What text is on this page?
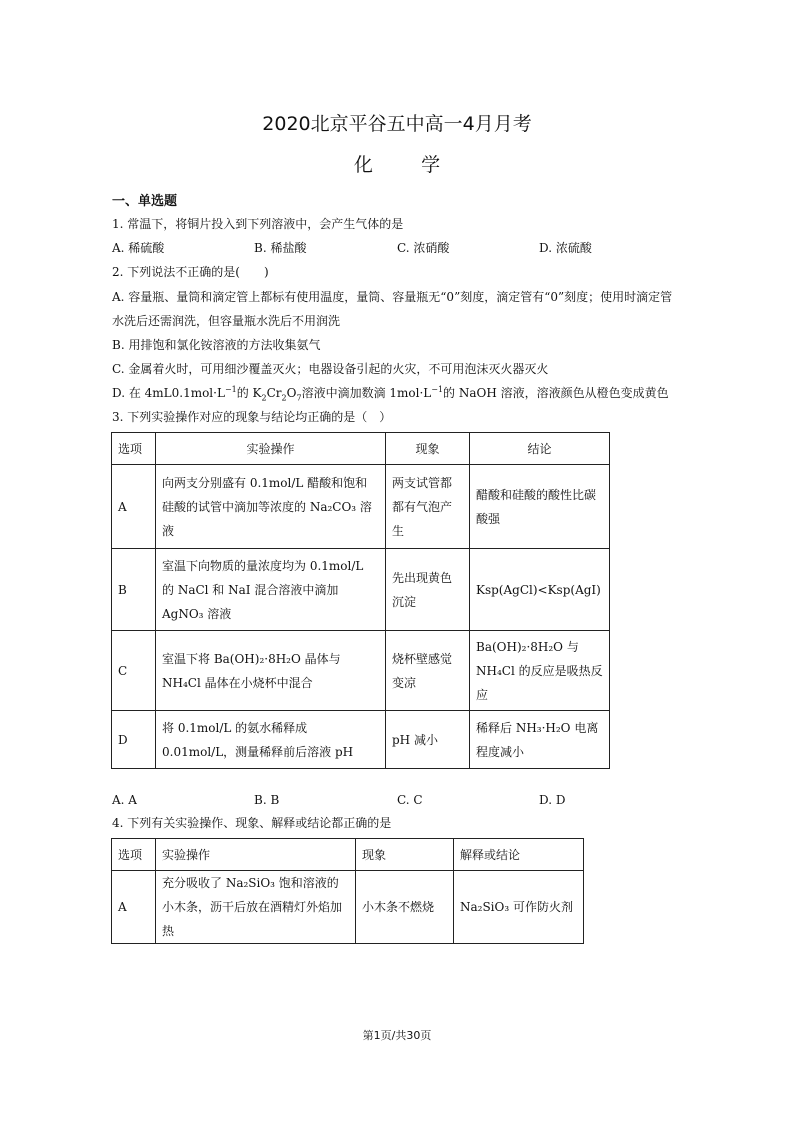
2020北京平谷五中高一4月月考
化        学
一、单选题
1. 常温下，将铜片投入到下列溶液中，会产生气体的是
A. 稀硫酸	B. 稀盐酸	C. 浓硝酸	D. 浓硫酸
2. 下列说法不正确的是(　　)
A. 容量瓶、量筒和滴定管上都标有使用温度，量筒、容量瓶无“0”刻度，滴定管有“0”刻度；使用时滴定管
水洗后还需润洗，但容量瓶水洗后不用润洗
B. 用排饱和氯化铵溶液的方法收集氨气
C. 金属着火时，可用细沙覆盖灭火；电器设备引起的火灾，不可用泡沫灭火器灭火
D. 在 $4mL0.1mol\cdot L^{-1}$的 $K_2Cr_2O_7$溶液中滴加数滴 $1mol\cdot L^{-1}$的 NaOH 溶液，溶液颜色从橙色变成黄色
3. 下列实验操作对应的现象与结论均正确的是（　）
选项	实验操作	现象	结论
A	向两支分别盛有 0.1mol/L 醋酸和饱和硅酸的试管中滴加等浓度的 Na₂CO₃ 溶液	两支试管都都有气泡产生	醋酸和硅酸的酸性比碳酸强
B	室温下向物质的量浓度均为 0.1mol/L 的 NaCl 和 NaI 混合溶液中滴加 AgNO₃ 溶液	先出现黄色沉淀	Ksp(AgCl)<Ksp(AgI)
C	室温下将 Ba(OH)₂·8H₂O 晶体与 NH₄Cl 晶体在小烧杯中混合	烧杯壁感觉变凉	Ba(OH)₂·8H₂O 与 NH₄Cl 的反应是吸热反应
D	将 0.1mol/L 的氨水稀释成 0.01mol/L，测量稀释前后溶液 pH	pH 减小	稀释后 NH₃·H₂O 电离程度减小
A. A	B. B	C. C	D. D
4. 下列有关实验操作、现象、解释或结论都正确的是
选项	实验操作	现象	解释或结论
A	充分吸收了 Na₂SiO₃ 饱和溶液的小木条，沥干后放在酒精灯外焰加热	小木条不燃烧	Na₂SiO₃ 可作防火剂
第1页/共30页
